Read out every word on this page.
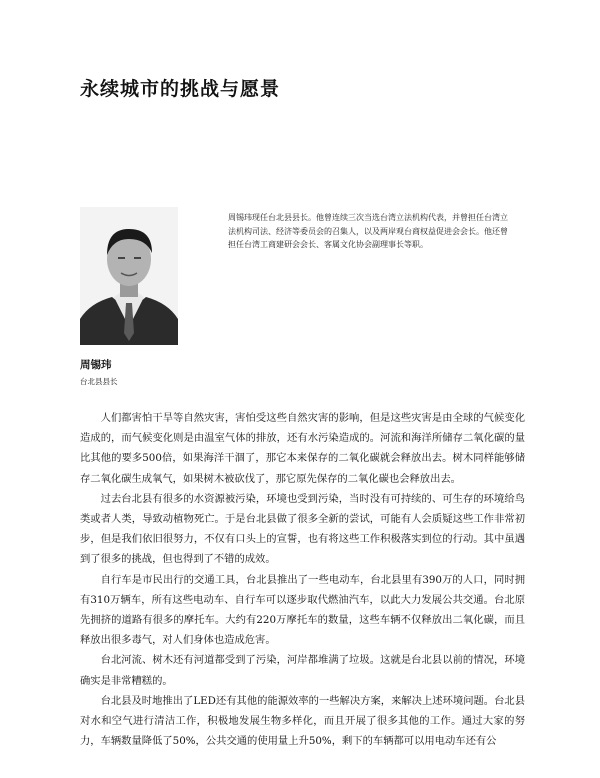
永续城市的挑战与愿景
周锡玮现任台北县县长。他曾连续三次当选台湾立法机构代表，并曾担任台湾立法机构司法、经济等委员会的召集人，以及两岸观台商权益促进会会长。他还曾担任台湾工商建研会会长、客属文化协会副理事长等职。
周锡玮
台北县县长

人们都害怕干旱等自然灾害，害怕受这些自然灾害的影响，但是这些灾害是由全球的气候变化造成的，而气候变化则是由温室气体的排放，还有水污染造成的。河流和海洋所储存二氧化碳的量比其他的要多500倍，如果海洋干涸了，那它本来保存的二氧化碳就会释放出去。树木同样能够储存二氧化碳生成氧气，如果树木被砍伐了，那它原先保存的二氧化碳也会释放出去。

过去台北县有很多的水资源被污染，环境也受到污染，当时没有可持续的、可生存的环境给鸟类或者人类，导致动植物死亡。于是台北县做了很多全新的尝试，可能有人会质疑这些工作非常初步，但是我们依旧很努力，不仅有口头上的宣誓，也有将这些工作积极落实到位的行动。其中虽遇到了很多的挑战，但也得到了不错的成效。

自行车是市民出行的交通工具，台北县推出了一些电动车，台北县里有390万的人口，同时拥有310万辆车，所有这些电动车、自行车可以逐步取代燃油汽车，以此大力发展公共交通。台北原先拥挤的道路有很多的摩托车。大约有220万摩托车的数量，这些车辆不仅释放出二氧化碳，而且释放出很多毒气，对人们身体也造成危害。

台北河流、树木还有河道都受到了污染，河岸都堆满了垃圾。这就是台北县以前的情况，环境确实是非常糟糕的。

台北县及时地推出了LED还有其他的能源效率的一些解决方案，来解决上述环境问题。台北县对水和空气进行清洁工作，积极地发展生物多样化，而且开展了很多其他的工作。通过大家的努力，车辆数量降低了50%，公共交通的使用量上升50%，剩下的车辆都可以用电动车还有公
